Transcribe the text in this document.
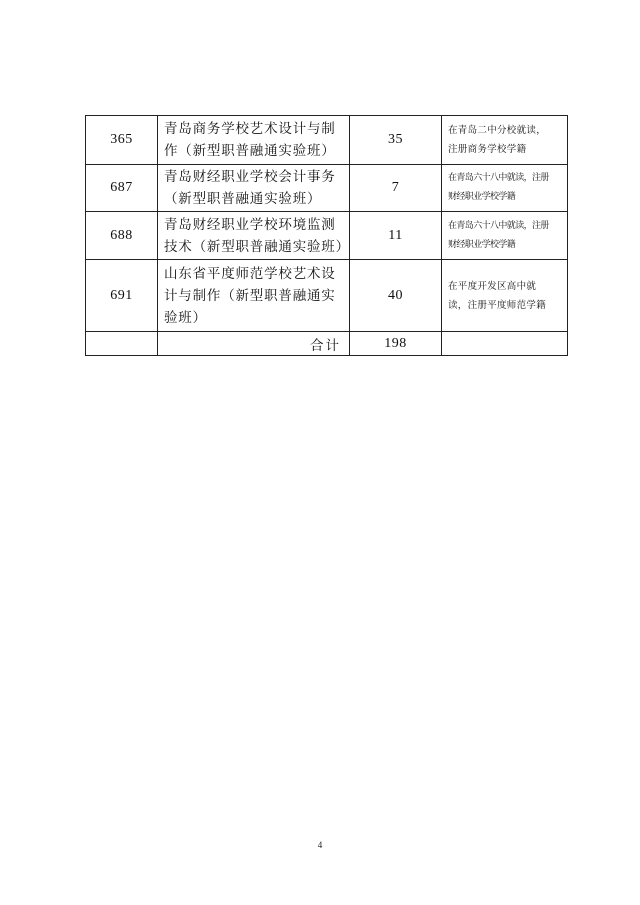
365	青岛商务学校艺术设计与制
作（新型职普融通实验班）	35	在青岛二中分校就读，
注册商务学校学籍

687	青岛财经职业学校会计事务
（新型职普融通实验班）	7	在青岛六十八中就读，注册
财经职业学校学籍

688	青岛财经职业学校环境监测
技术（新型职普融通实验班）	11	在青岛六十八中就读，注册
财经职业学校学籍

691	山东省平度师范学校艺术设
计与制作（新型职普融通实
验班）	40	在平度开发区高中就
读，注册平度师范学籍

	合计	198	
4
